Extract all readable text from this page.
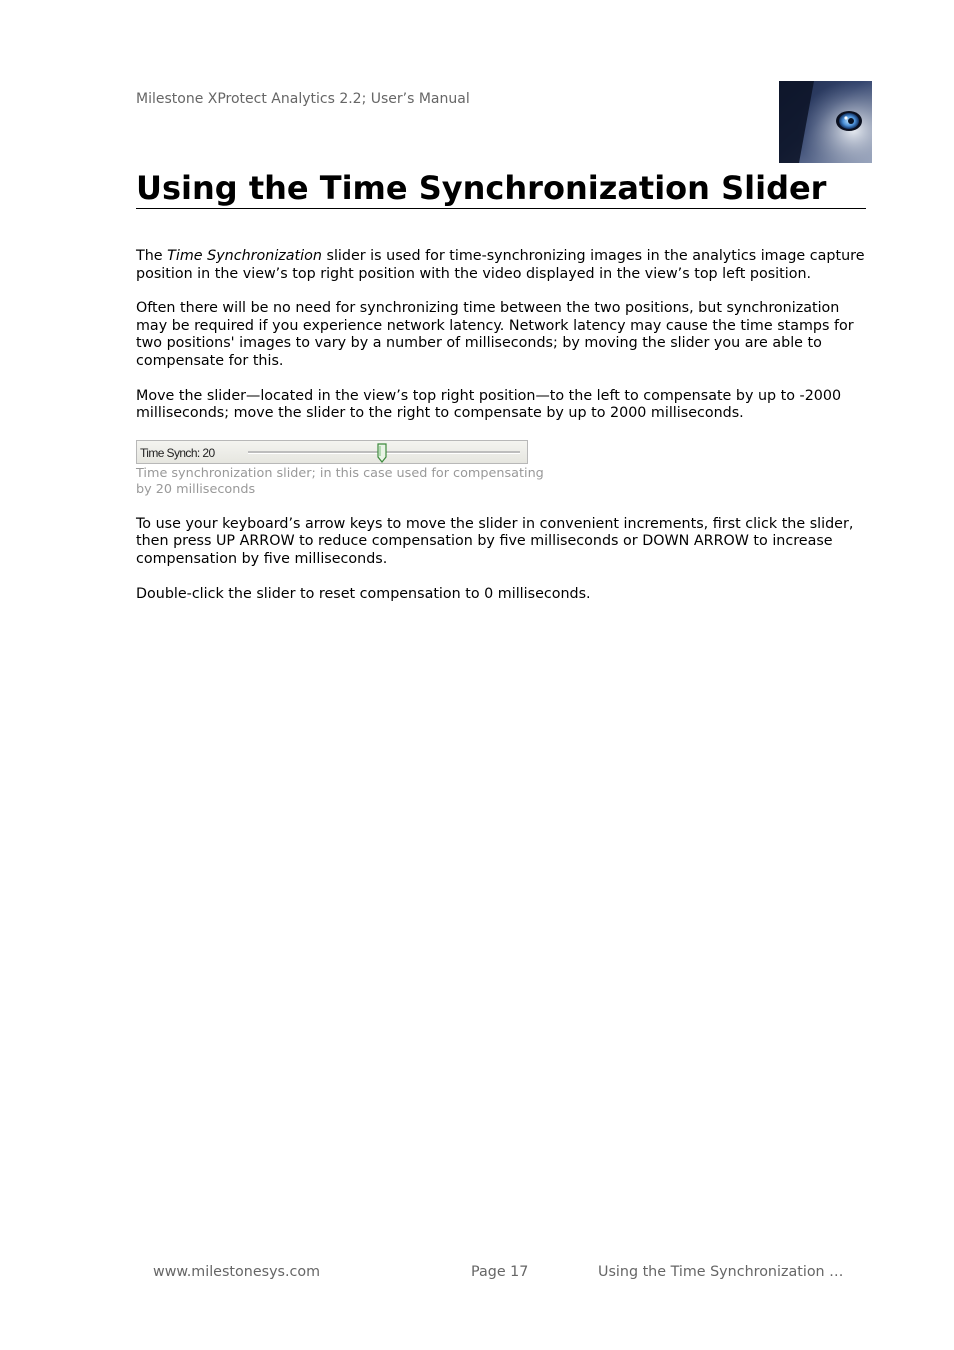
Milestone XProtect Analytics 2.2; User’s Manual
Using the Time Synchronization Slider

The Time Synchronization slider is used for time-synchronizing images in the analytics image capture position in the view’s top right position with the video displayed in the view’s top left position.

Often there will be no need for synchronizing time between the two positions, but synchronization may be required if you experience network latency. Network latency may cause the time stamps for two positions' images to vary by a number of milliseconds; by moving the slider you are able to compensate for this.

Move the slider—located in the view’s top right position—to the left to compensate by up to -2000 milliseconds; move the slider to the right to compensate by up to 2000 milliseconds.

Time Synch: 20
Time synchronization slider; in this case used for compensating by 20 milliseconds

To use your keyboard’s arrow keys to move the slider in convenient increments, first click the slider, then press UP ARROW to reduce compensation by five milliseconds or DOWN ARROW to increase compensation by five milliseconds.

Double-click the slider to reset compensation to 0 milliseconds.

www.milestonesys.com	Page 17	Using the Time Synchronization …
